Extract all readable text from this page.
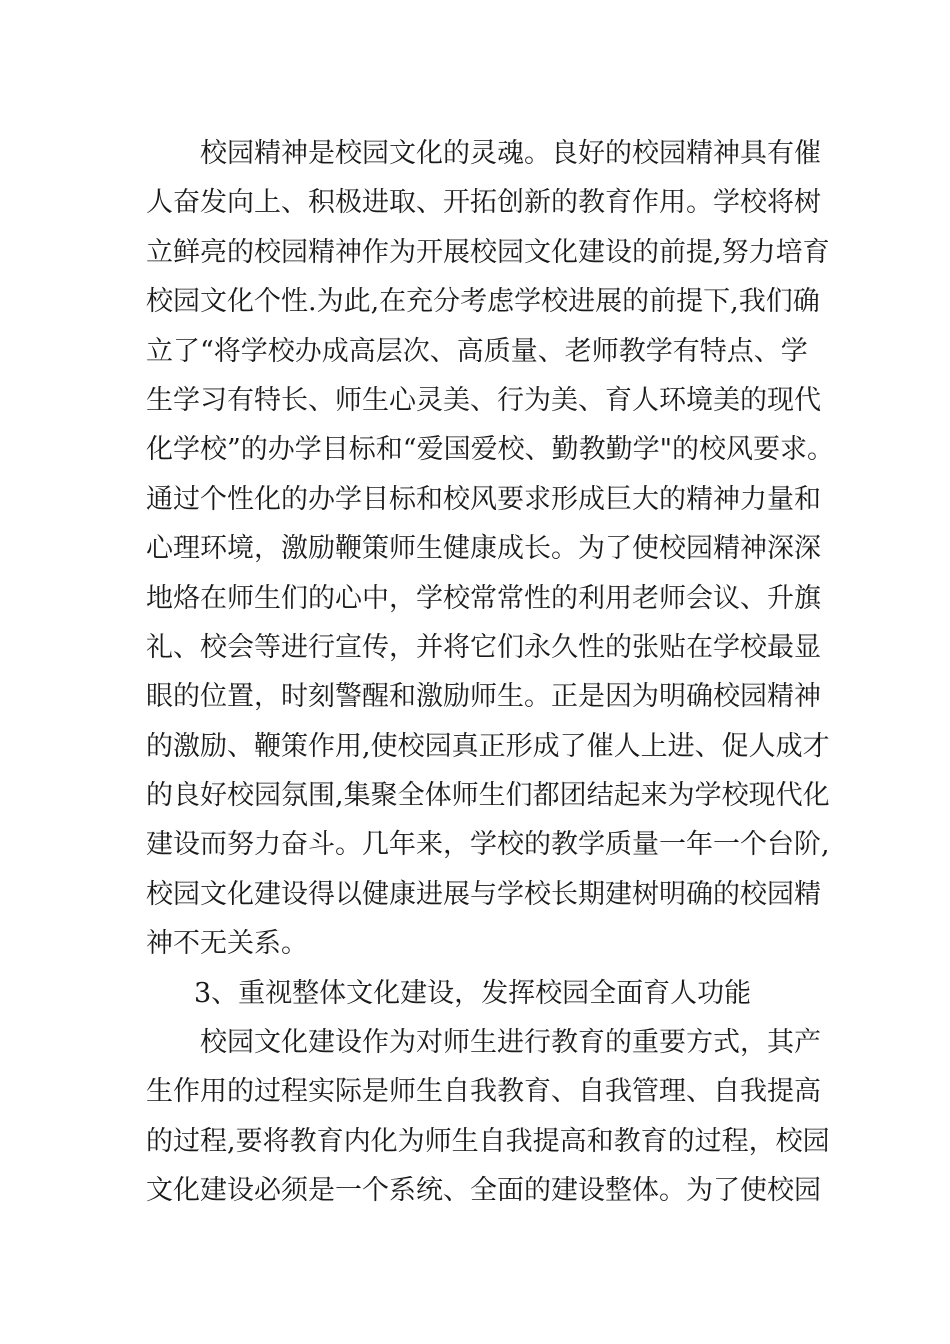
校园精神是校园文化的灵魂。良好的校园精神具有催
人奋发向上、积极进取、开拓创新的教育作用。学校将树
立鲜亮的校园精神作为开展校园文化建设的前提,努力培育
校园文化个性.为此,在充分考虑学校进展的前提下,我们确
立了“将学校办成高层次、高质量、老师教学有特点、学
生学习有特长、师生心灵美、行为美、育人环境美的现代
化学校”的办学目标和“爱国爱校、勤教勤学"的校风要求。
通过个性化的办学目标和校风要求形成巨大的精神力量和
心理环境，激励鞭策师生健康成长。为了使校园精神深深
地烙在师生们的心中，学校常常性的利用老师会议、升旗
礼、校会等进行宣传，并将它们永久性的张贴在学校最显
眼的位置，时刻警醒和激励师生。正是因为明确校园精神
的激励、鞭策作用,使校园真正形成了催人上进、促人成才
的良好校园氛围,集聚全体师生们都团结起来为学校现代化
建设而努力奋斗。几年来，学校的教学质量一年一个台阶,
校园文化建设得以健康进展与学校长期建树明确的校园精
神不无关系。
3、重视整体文化建设，发挥校园全面育人功能
校园文化建设作为对师生进行教育的重要方式，其产
生作用的过程实际是师生自我教育、自我管理、自我提高
的过程,要将教育内化为师生自我提高和教育的过程，校园
文化建设必须是一个系统、全面的建设整体。为了使校园
